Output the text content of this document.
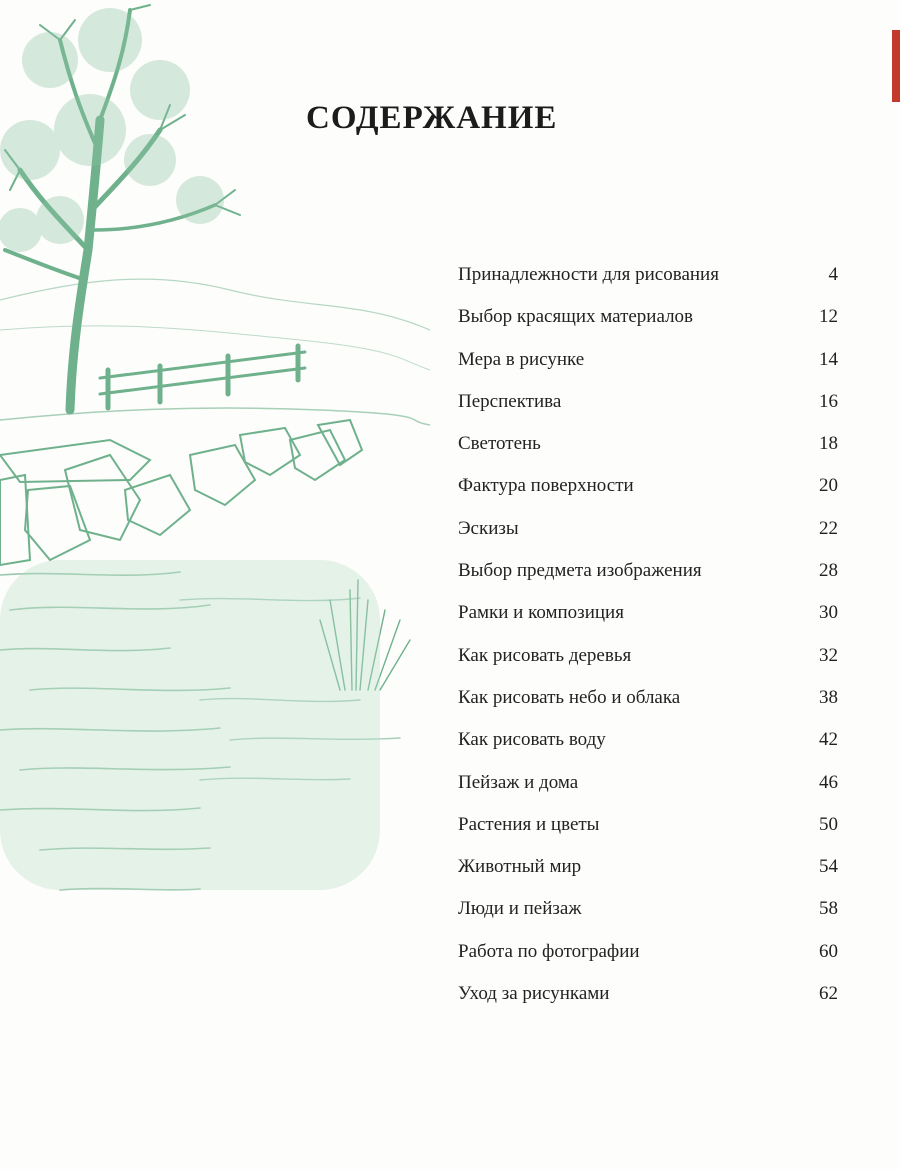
СОДЕРЖАНИЕ
Принадлежности для рисования	4
Выбор красящих материалов	12
Мера в рисунке	14
Перспектива	16
Светотень	18
Фактура поверхности	20
Эскизы	22
Выбор предмета изображения	28
Рамки и композиция	30
Как рисовать деревья	32
Как рисовать небо и облака	38
Как рисовать воду	42
Пейзаж и дома	46
Растения и цветы	50
Животный мир	54
Люди и пейзаж	58
Работа по фотографии	60
Уход за рисунками	62
